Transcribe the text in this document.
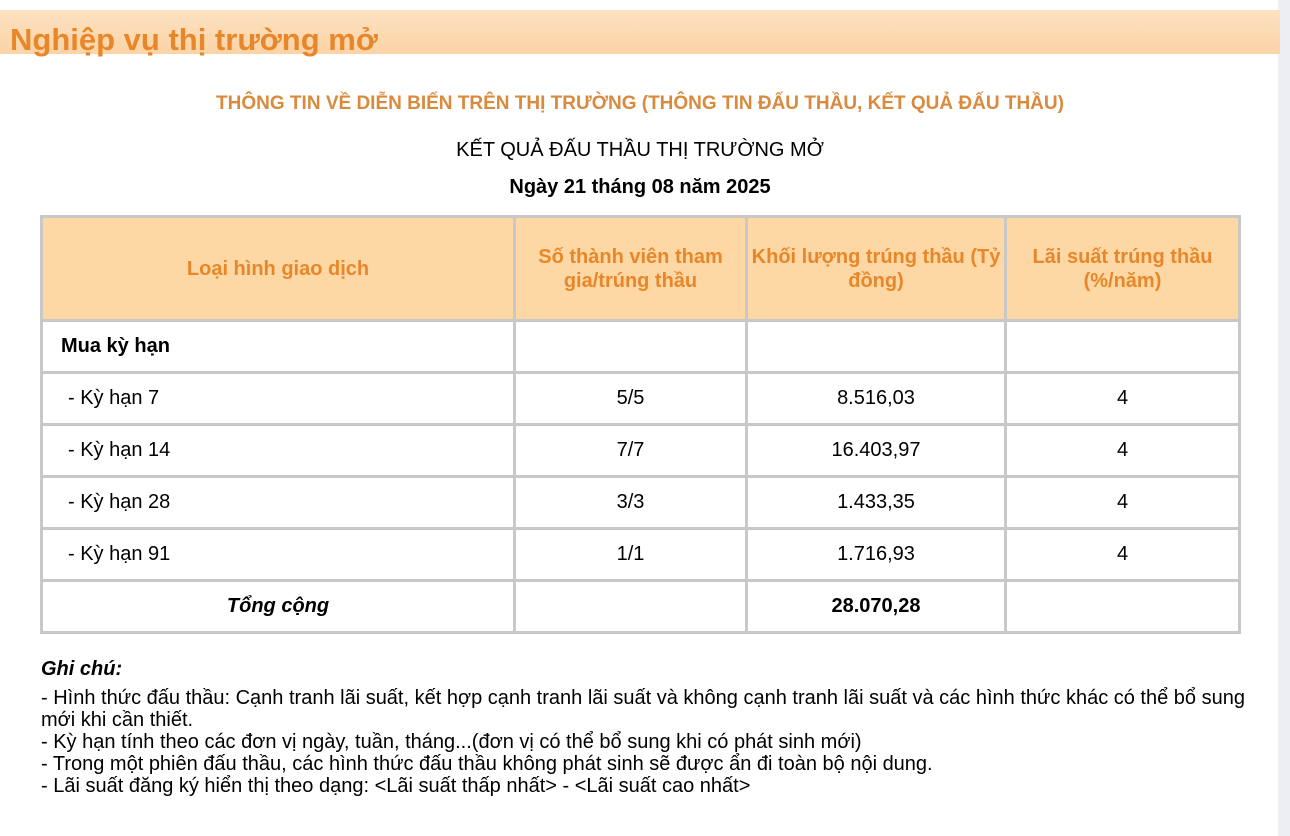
Nghiệp vụ thị trường mở
THÔNG TIN VỀ DIỄN BIẾN TRÊN THỊ TRƯỜNG (THÔNG TIN ĐẤU THẦU, KẾT QUẢ ĐẤU THẦU)
KẾT QUẢ ĐẤU THẦU THỊ TRƯỜNG MỞ
Ngày 21 tháng 08 năm 2025
Loại hình giao dịch	Số thành viên tham gia/trúng thầu	Khối lượng trúng thầu (Tỷ đồng)	Lãi suất trúng thầu (%/năm)
Mua kỳ hạn			
- Kỳ hạn 7	5/5	8.516,03	4
- Kỳ hạn 14	7/7	16.403,97	4
- Kỳ hạn 28	3/3	1.433,35	4
- Kỳ hạn 91	1/1	1.716,93	4
Tổng cộng		28.070,28	
Ghi chú:
- Hình thức đấu thầu: Cạnh tranh lãi suất, kết hợp cạnh tranh lãi suất và không cạnh tranh lãi suất và các hình thức khác có thể bổ sung mới khi cần thiết.
- Kỳ hạn tính theo các đơn vị ngày, tuần, tháng...(đơn vị có thể bổ sung khi có phát sinh mới)
- Trong một phiên đấu thầu, các hình thức đấu thầu không phát sinh sẽ được ẩn đi toàn bộ nội dung.
- Lãi suất đăng ký hiển thị theo dạng: <Lãi suất thấp nhất> - <Lãi suất cao nhất>
